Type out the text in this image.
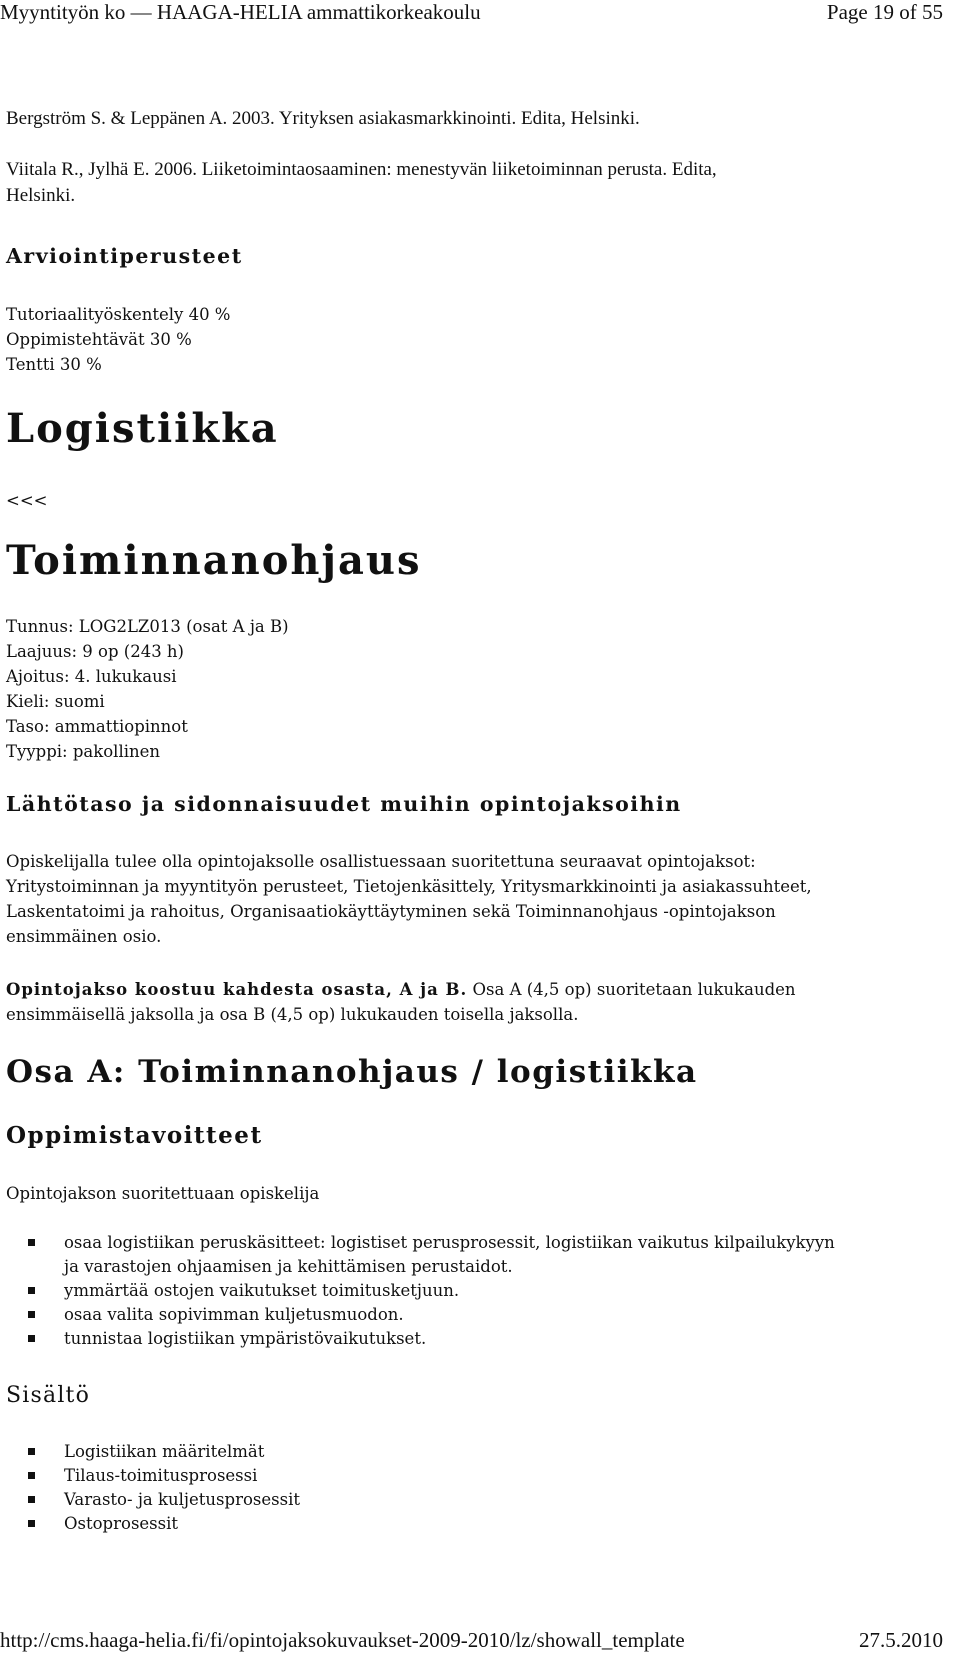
Myyntityön ko — HAAGA-HELIA ammattikorkeakoulu	Page 19 of 55
Bergström S. & Leppänen A. 2003. Yrityksen asiakasmarkkinointi. Edita, Helsinki.
Viitala R., Jylhä E. 2006. Liiketoimintaosaaminen: menestyvän liiketoiminnan perusta. Edita,
Helsinki.
Arviointiperusteet
Tutoriaalityöskentely 40 %
Oppimistehtävät 30 %
Tentti 30 %
Logistiikka
<<<
Toiminnanohjaus
Tunnus: LOG2LZ013 (osat A ja B)
Laajuus: 9 op (243 h)
Ajoitus: 4. lukukausi
Kieli: suomi
Taso: ammattiopinnot
Tyyppi: pakollinen
Lähtötaso ja sidonnaisuudet muihin opintojaksoihin
Opiskelijalla tulee olla opintojaksolle osallistuessaan suoritettuna seuraavat opintojaksot:
Yritystoiminnan ja myyntityön perusteet, Tietojenkäsittely, Yritysmarkkinointi ja asiakassuhteet,
Laskentatoimi ja rahoitus, Organisaatiokäyttäytyminen sekä Toiminnanohjaus -opintojakson
ensimmäinen osio.
Opintojakso koostuu kahdesta osasta, A ja B. Osa A (4,5 op) suoritetaan lukukauden
ensimmäisellä jaksolla ja osa B (4,5 op) lukukauden toisella jaksolla.
Osa A: Toiminnanohjaus / logistiikka
Oppimistavoitteet
Opintojakson suoritettuaan opiskelija
osaa logistiikan peruskäsitteet: logistiset perusprosessit, logistiikan vaikutus kilpailukykyyn
ja varastojen ohjaamisen ja kehittämisen perustaidot.
ymmärtää ostojen vaikutukset toimitusketjuun.
osaa valita sopivimman kuljetusmuodon.
tunnistaa logistiikan ympäristövaikutukset.
Sisältö
Logistiikan määritelmät
Tilaus-toimitusprosessi
Varasto- ja kuljetusprosessit
Ostoprosessit
http://cms.haaga-helia.fi/fi/opintojaksokuvaukset-2009-2010/lz/showall_template	27.5.2010
